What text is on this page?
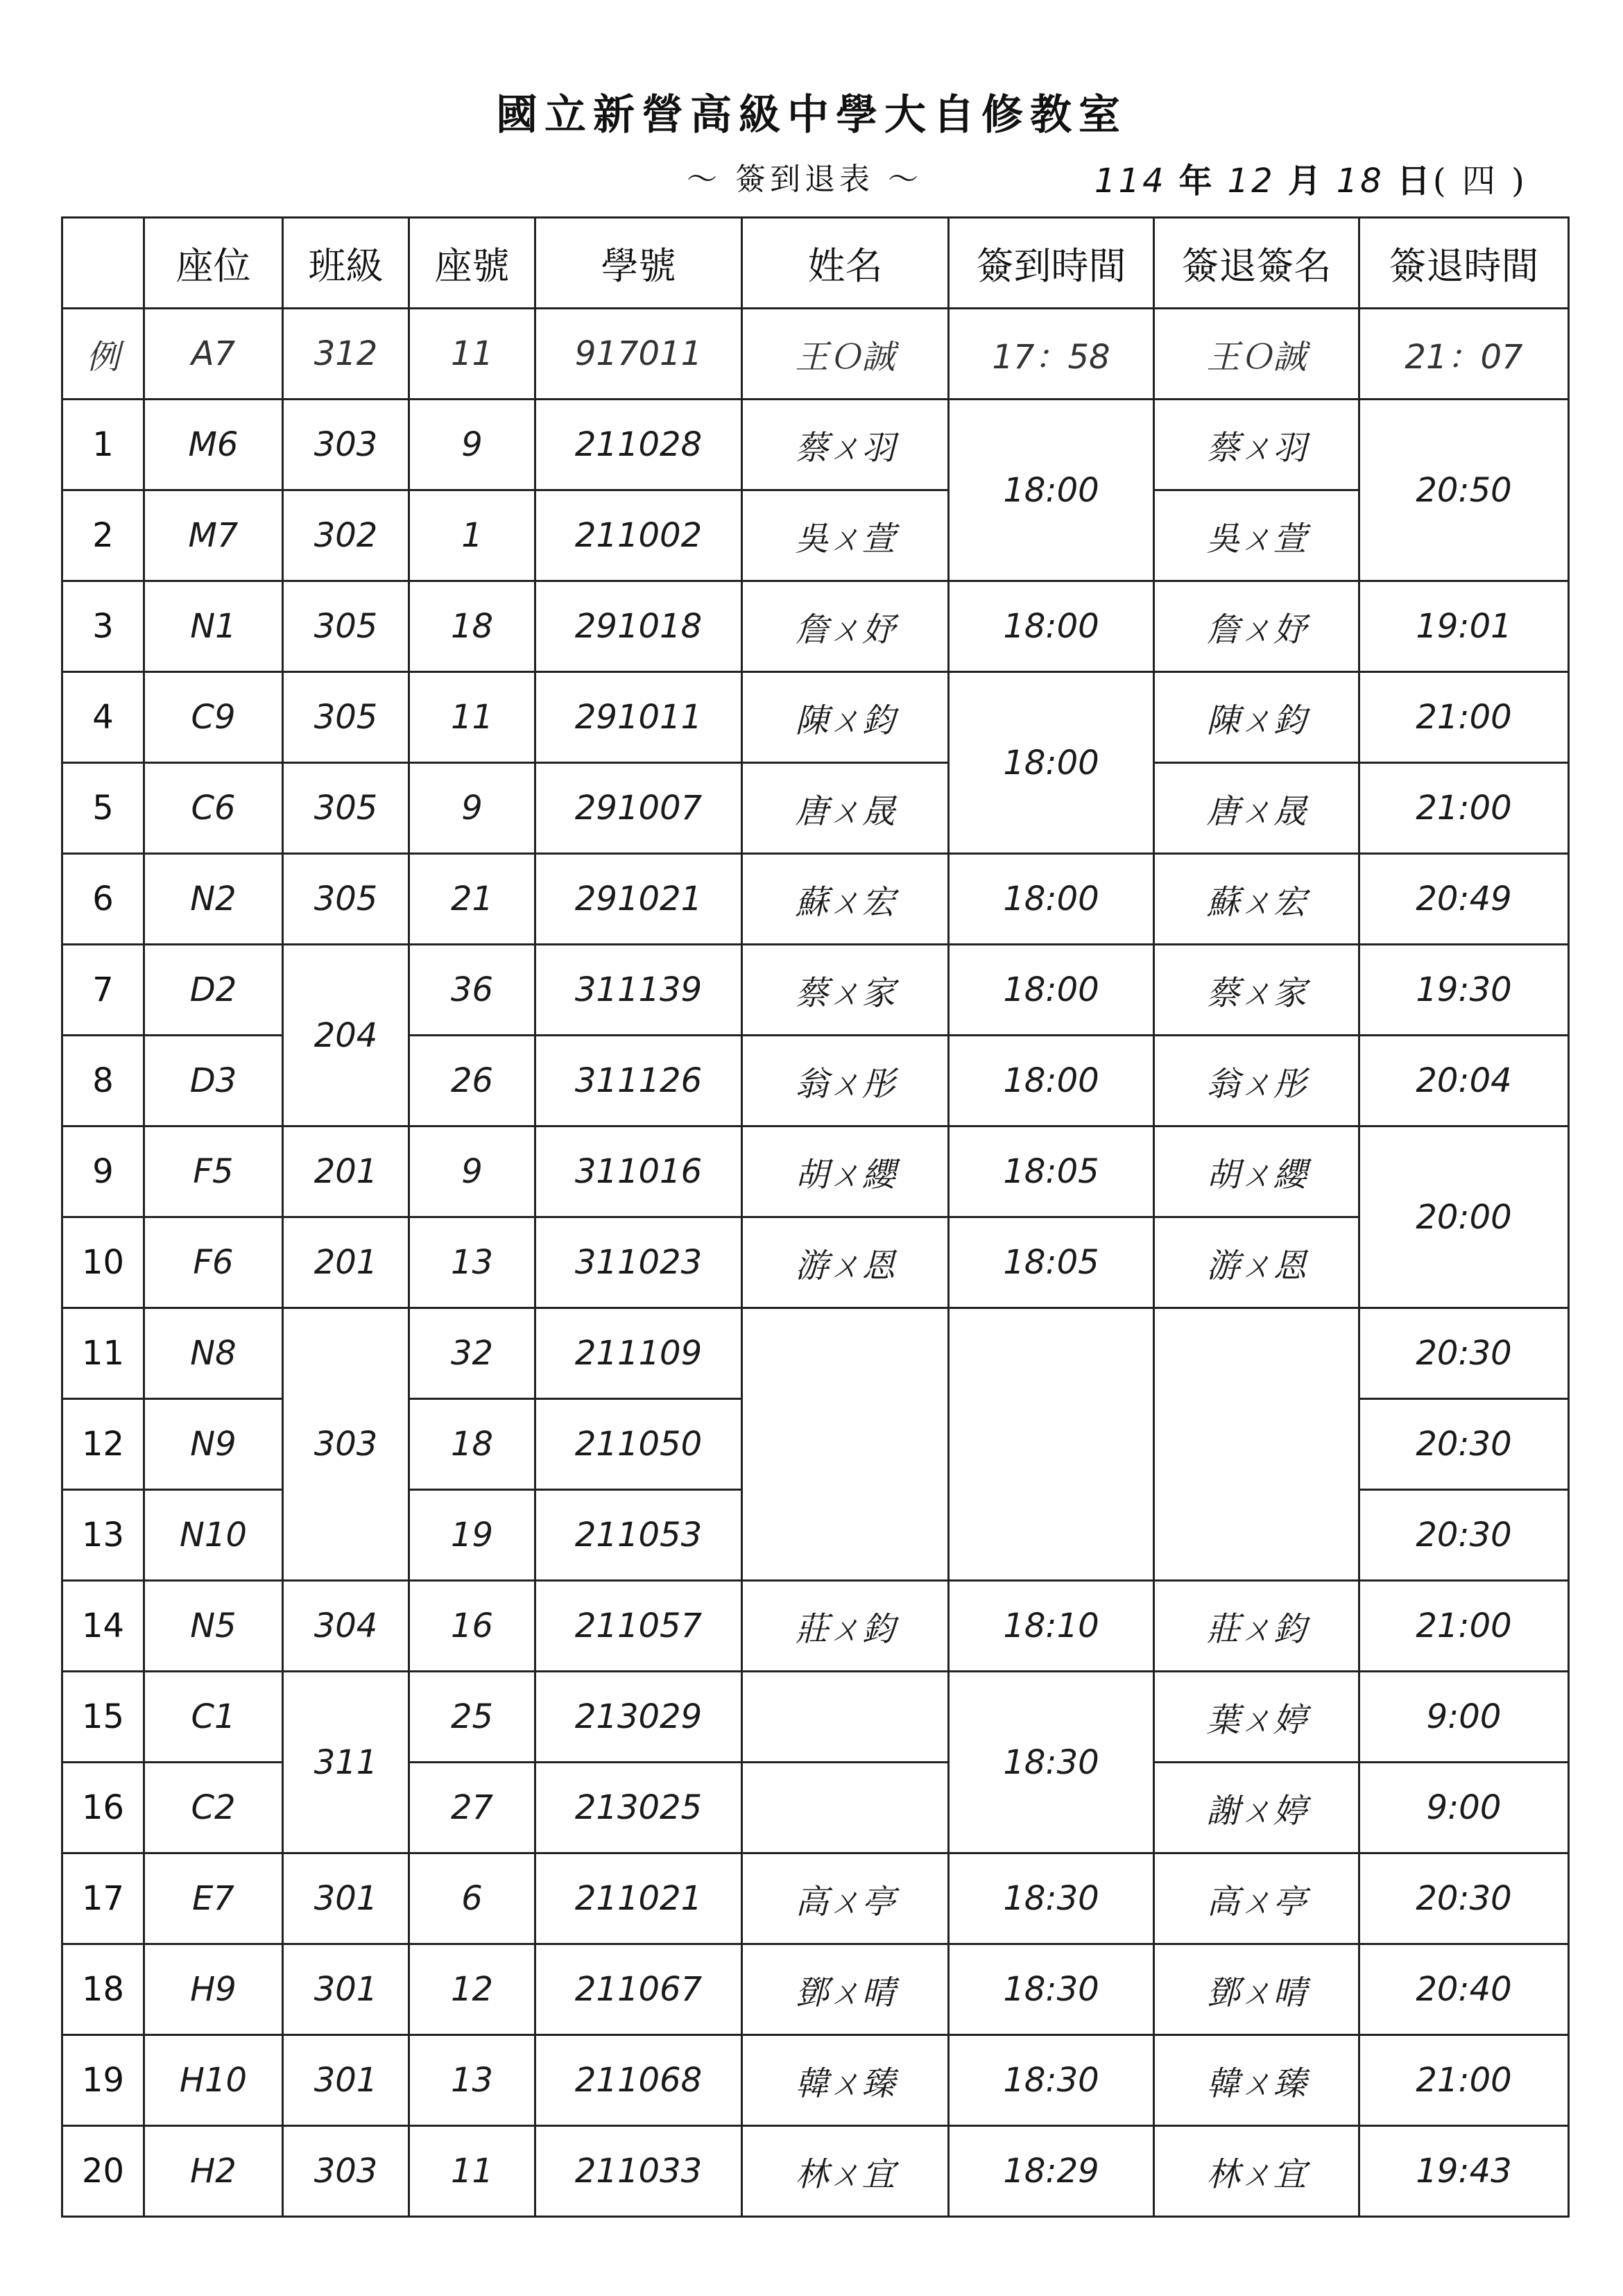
國立新營高級中學大自修教室
～ 簽到退表 ～	114 年 12 月 18 日( 四 )
	座位	班級	座號	學號	姓名	簽到時間	簽退簽名	簽退時間
例	A7	312	11	917011	王Ｏ誠	17：58	王Ｏ誠	21：07
1	M6	303	9	211028	蔡ㄨ羽	18:00	蔡ㄨ羽	20:50
2	M7	302	1	211002	吳ㄨ萱		吳ㄨ萱	
3	N1	305	18	291018	詹ㄨ妤	18:00	詹ㄨ妤	19:01
4	C9	305	11	291011	陳ㄨ鈞	18:00	陳ㄨ鈞	21:00
5	C6	305	9	291007	唐ㄨ晟		唐ㄨ晟	21:00
6	N2	305	21	291021	蘇ㄨ宏	18:00	蘇ㄨ宏	20:49
7	D2	204	36	311139	蔡ㄨ家	18:00	蔡ㄨ家	19:30
8	D3		26	311126	翁ㄨ彤	18:00	翁ㄨ彤	20:04
9	F5	201	9	311016	胡ㄨ纓	18:05	胡ㄨ纓	20:00
10	F6	201	13	311023	游ㄨ恩	18:05	游ㄨ恩	
11	N8	303	32	211109				20:30
12	N9		18	211050				20:30
13	N10		19	211053				20:30
14	N5	304	16	211057	莊ㄨ鈞	18:10	莊ㄨ鈞	21:00
15	C1	311	25	213029		18:30	葉ㄨ婷	9:00
16	C2		27	213025			謝ㄨ婷	9:00
17	E7	301	6	211021	高ㄨ亭	18:30	高ㄨ亭	20:30
18	H9	301	12	211067	鄧ㄨ晴	18:30	鄧ㄨ晴	20:40
19	H10	301	13	211068	韓ㄨ臻	18:30	韓ㄨ臻	21:00
20	H2	303	11	211033	林ㄨ宜	18:29	林ㄨ宜	19:43
